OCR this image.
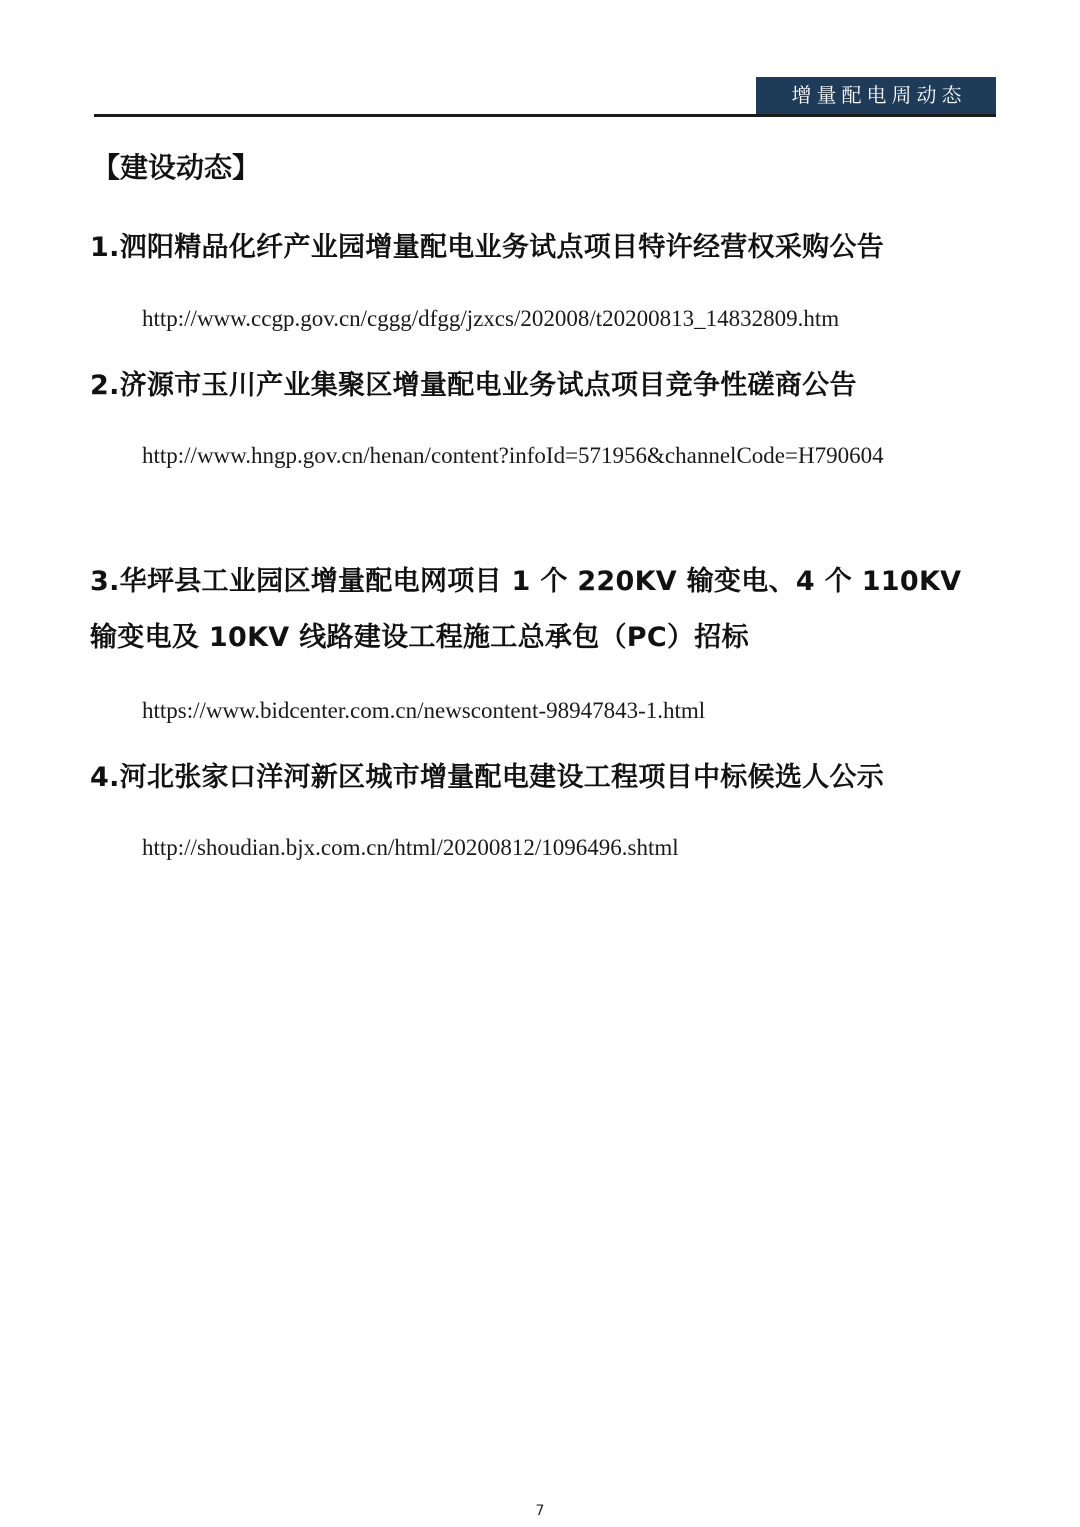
增量配电周动态
【建设动态】
1.泗阳精品化纤产业园增量配电业务试点项目特许经营权采购公告
http://www.ccgp.gov.cn/cggg/dfgg/jzxcs/202008/t20200813_14832809.htm
2.济源市玉川产业集聚区增量配电业务试点项目竞争性磋商公告
http://www.hngp.gov.cn/henan/content?infoId=571956&channelCode=H790604
3.华坪县工业园区增量配电网项目 1 个 220KV 输变电、4 个 110KV 输变电及 10KV 线路建设工程施工总承包（PC）招标
https://www.bidcenter.com.cn/newscontent-98947843-1.html
4.河北张家口洋河新区城市增量配电建设工程项目中标候选人公示
http://shoudian.bjx.com.cn/html/20200812/1096496.shtml
7
